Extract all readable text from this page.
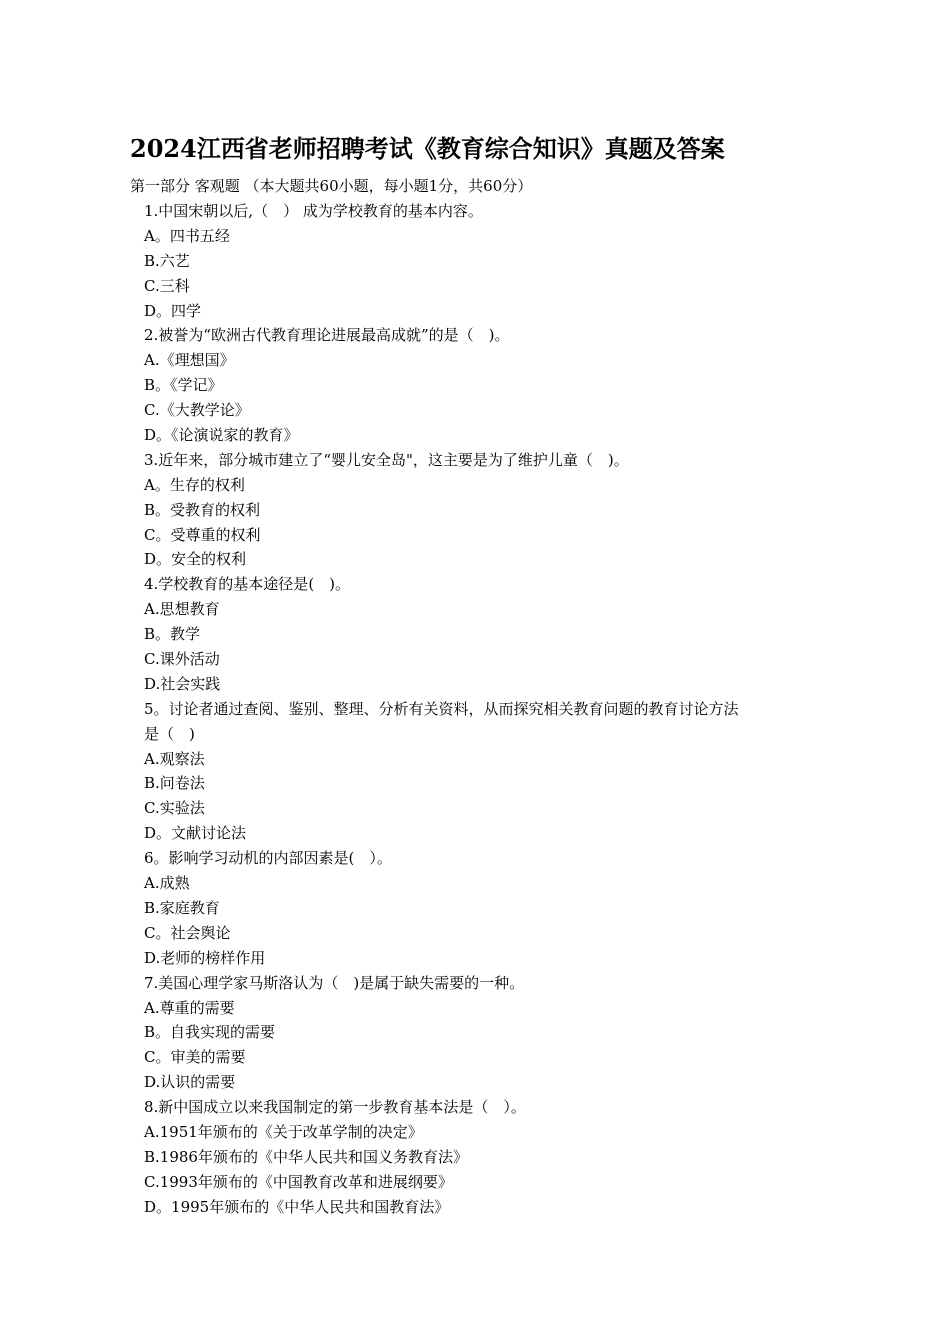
2024江西省老师招聘考试《教育综合知识》真题及答案
第一部分 客观题 （本大题共60小题，每小题1分，共60分）
1.中国宋朝以后,（　） 成为学校教育的基本内容。
A。四书五经
B.六艺
C.三科
D。四学
2.被誉为“欧洲古代教育理论进展最高成就”的是（　)。
A.《理想国》
B。《学记》
C.《大教学论》
D。《论演说家的教育》
3.近年来，部分城市建立了“婴儿安全岛"，这主要是为了维护儿童（　)。
A。生存的权利
B。受教育的权利
C。受尊重的权利
D。安全的权利
4.学校教育的基本途径是(　)。
A.思想教育
B。教学
C.课外活动
D.社会实践
5。讨论者通过查阅、鉴别、整理、分析有关资料，从而探究相关教育问题的教育讨论方法
是（　)
A.观察法
B.问卷法
C.实验法
D。文献讨论法
6。影响学习动机的内部因素是(　）。
A.成熟
B.家庭教育
C。社会舆论
D.老师的榜样作用
7.美国心理学家马斯洛认为（　)是属于缺失需要的一种。
A.尊重的需要
B。自我实现的需要
C。审美的需要
D.认识的需要
8.新中国成立以来我国制定的第一步教育基本法是（　）。
A.1951年颁布的《关于改革学制的决定》
B.1986年颁布的《中华人民共和国义务教育法》
C.1993年颁布的《中国教育改革和进展纲要》
D。1995年颁布的《中华人民共和国教育法》
